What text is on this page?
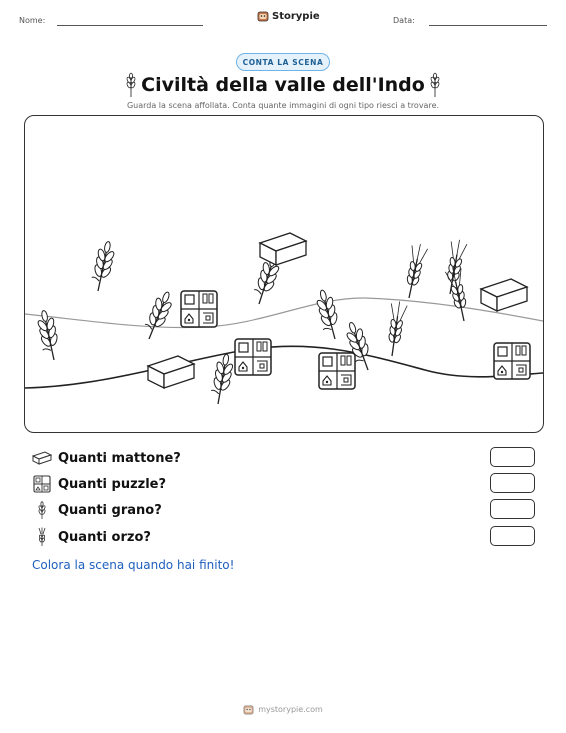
Nome:	Storypie	Data:
CONTA LA SCENA
Civiltà della valle dell'Indo
Guarda la scena affollata. Conta quante immagini di ogni tipo riesci a trovare.
Quanti mattone?
Quanti puzzle?
Quanti grano?
Quanti orzo?
Colora la scena quando hai finito!
mystorypie.com
